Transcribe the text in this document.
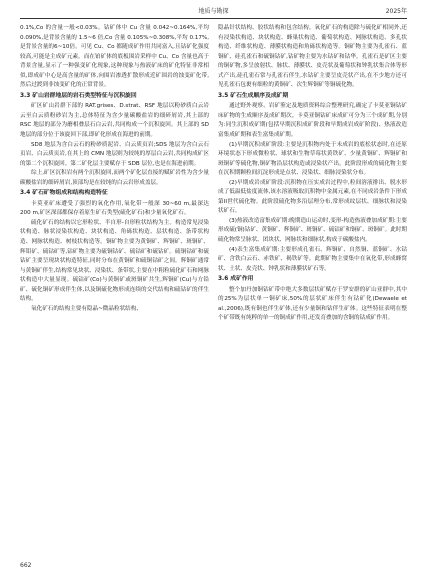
地质与勘探	2025年
0.1%,Co 的含量一般<0.03%。钴矿体中 Cu 含量 0.042~0.164%,平均 0.090%,是背景含量的 1.5~6 倍,Co 含量 0.105%~0.308%,平均 0.17%,是背景含量的6~10倍。可见 Cu、Co 都随成矿作用共同富入,且钴矿化强度较高,可能是主成矿元素。而在铂矿体的底板围岩采样中 Cu、Co 含量也高于背景含量,显示了一种强变矿化现象,这种现象与热液矿床的矿化特征非常相似,即成矿中心是高含量的矿体,向围岩渗透扩散形成近矿围岩的蚀变矿化带,然后过渡到非蚀变矿化的正常背景。
3.3 矿山岩群地层的岩石类型特征与沉积旋回
矿区矿山岩群下部的 RAT.grises、D.strat、RSF 地层以粉砂质白云岩云至白云质粉砂岩为主,总体特征为含少量碳酸盐岩的细碎屑岩,其上部的 RSC 地层的部分为蘑相叠层石白云岩,共同构成一个沉积旋回。其上部的 SD 地层的部分位于该旋回下部,即矿化形成在海进的前期。
SD8 地层为含白云石的粉砂质泥岩、白云质页岩;SDS 地层为含白云石页岩、白云质页岩,在其上的 CMN 地层则为较纯的厚层白云岩,共同构成矿区的第二个沉积旋回。第二矿化层主要赋存于 SDB 层位,也是在海进前期。
综上,矿区沉积岩有两个沉积旋回,而两个矿化层直接的赋矿岩性为含少量碳酸盐岩的细碎屑岩,顶部均是在较纯的白云岩形成盖层。
3.4 矿石矿物组成和结构构造特征
卡莫亚矿床遭受了强烈的氧化作用,氧化带一般深 30~60 m,最深达 200 m,矿区深部都保存着原生矿石类型(硫化矿石)和少量氧化矿石。
硫化矿石的结构以它形粒状、半自形-自形粒状结构为主。构造常见浸染状构造、脉状浸染状构造、块状构造、角砾状构造、层状构造、条带状构造、网脉状构造、树枝状构造等。铜矿物主要为黄铜矿、辉铜矿、斑铜矿、辉钼矿、硫钴矿等,钴矿物主要为硫铜钴矿、硫钴矿和硫钴矿。硫铜钴矿和硫钴矿主要呈现块状构造特征,同时分布在黄铜矿和硫铜钴矿之间。辉铜矿通常与黄铜矿伴生,结构常见块状、浸染状、条带状,主要在中粗粒硫化矿石和网脉状构造中大量显现。硫钴矿(Co)与黄铜矿或斑铜矿共生,辉铜矿(Cu)与方铅矿、硫化铜矿形成伴生体,以及铜硫化物形成连续的交代结构和硫钴矿的伴生结构。
氧化矿石的结构主要有隐晶~微晶粒状结构、
隐晶针状结构、胶状结构和包含结构。氧化矿石的构造除与硫化矿相同外,还有浸染状构造、块状构造、蜂巢状构造、葡萄状构造、网脉状构造、多孔状构造、纤维状构造、薄膜状构造和角砾状构造等。铜矿物主要为孔雀石、蓝铜矿、硅孔雀石和硫铜钴矿,钴矿物主要为水钴矿和钴华。孔雀石是矿区主要的铜矿物,多呈放射状、脉状、薄膜状、皮壳状及葡萄状和钟乳状集合体等形式产出,硅孔雀石常与孔雀石伴生,水钴矿主要呈皮壳状产出,在不少地方还可见孔雀石包裹有细粒的黄铜矿、次生辉铜矿等铜硫化物。
3.5 矿石生成顺序及成矿期
通过野外观察、岩矿鉴定及地质资料综合整理研究,确定了卡莫亚铜钴矿床矿物的生成顺序及成矿期次。卡莫亚铜钴矿床成矿可分为三个成矿期,分别为:同生沉积成矿期(包括早期沉积成矿阶段和早期成岩成矿阶段)、热液改造富集成矿期和表生富集成矿期。
(1)早期沉积成矿阶段:主要是沉积物内处于未成岩的底松状态时,在还原环境状态下形成微粒状、球状和生物草莓状黄铁矿、少量黄铜矿、辉铜矿和斑铜矿等硫化物,铜矿物沿层状构造或浸染状产出。此阶段形成的硫化物主要在沉积期颗粒间沉淀形成是点状、浸染状、细脉浸染状分布。
(2)早期成岩成矿阶段:沉积物在压实成岩过程中,粒间溶液排出、脱水形成了低温低盐度流体,该水溶液吸取沉积物中金属元素,在不同成岩条件下形成第II世代硫化物。此阶段硫化物多沿层理分布,常形成纹层状、细脉状和浸染状矿石。
(3)热液改造富集成矿期:晚期造山运动时,变形-构造热液叠加成矿期:主要形成硫(铜)钴矿、黄铜矿、辉铜矿、斑铜矿、硫钴矿和铜矿、斑铜矿。此时期硫化物常呈脉状、团块状、网脉状和细脉状,构成于碳酸盐内。
(4)表生富集成矿期:主要形成孔雀石、辉铜矿、自然铜、蓝铜矿、水钴矿、含铁白云石、赤铁矿、褐铁矿等。此期矿物主要集中在氧化带,形成蜂窝状、土状、皮壳状、钟乳状和薄膜状矿石等。
3.6 成矿作用
整个加丹加铜钴矿带中绝大多数层状矿赋存于罗安群的矿山亚群中,其中的25%为层状单一铜矿床,50%的层状矿床伴生有钴矿化(Dewaele et al.,2006),既有铜也伴生矿体,还有少量铜和钴伴生矿体。这些特征表明在整个矿带既有纯粹的单一的铜成矿作用,还发育叠加的含铜的钴成矿作用。
662
